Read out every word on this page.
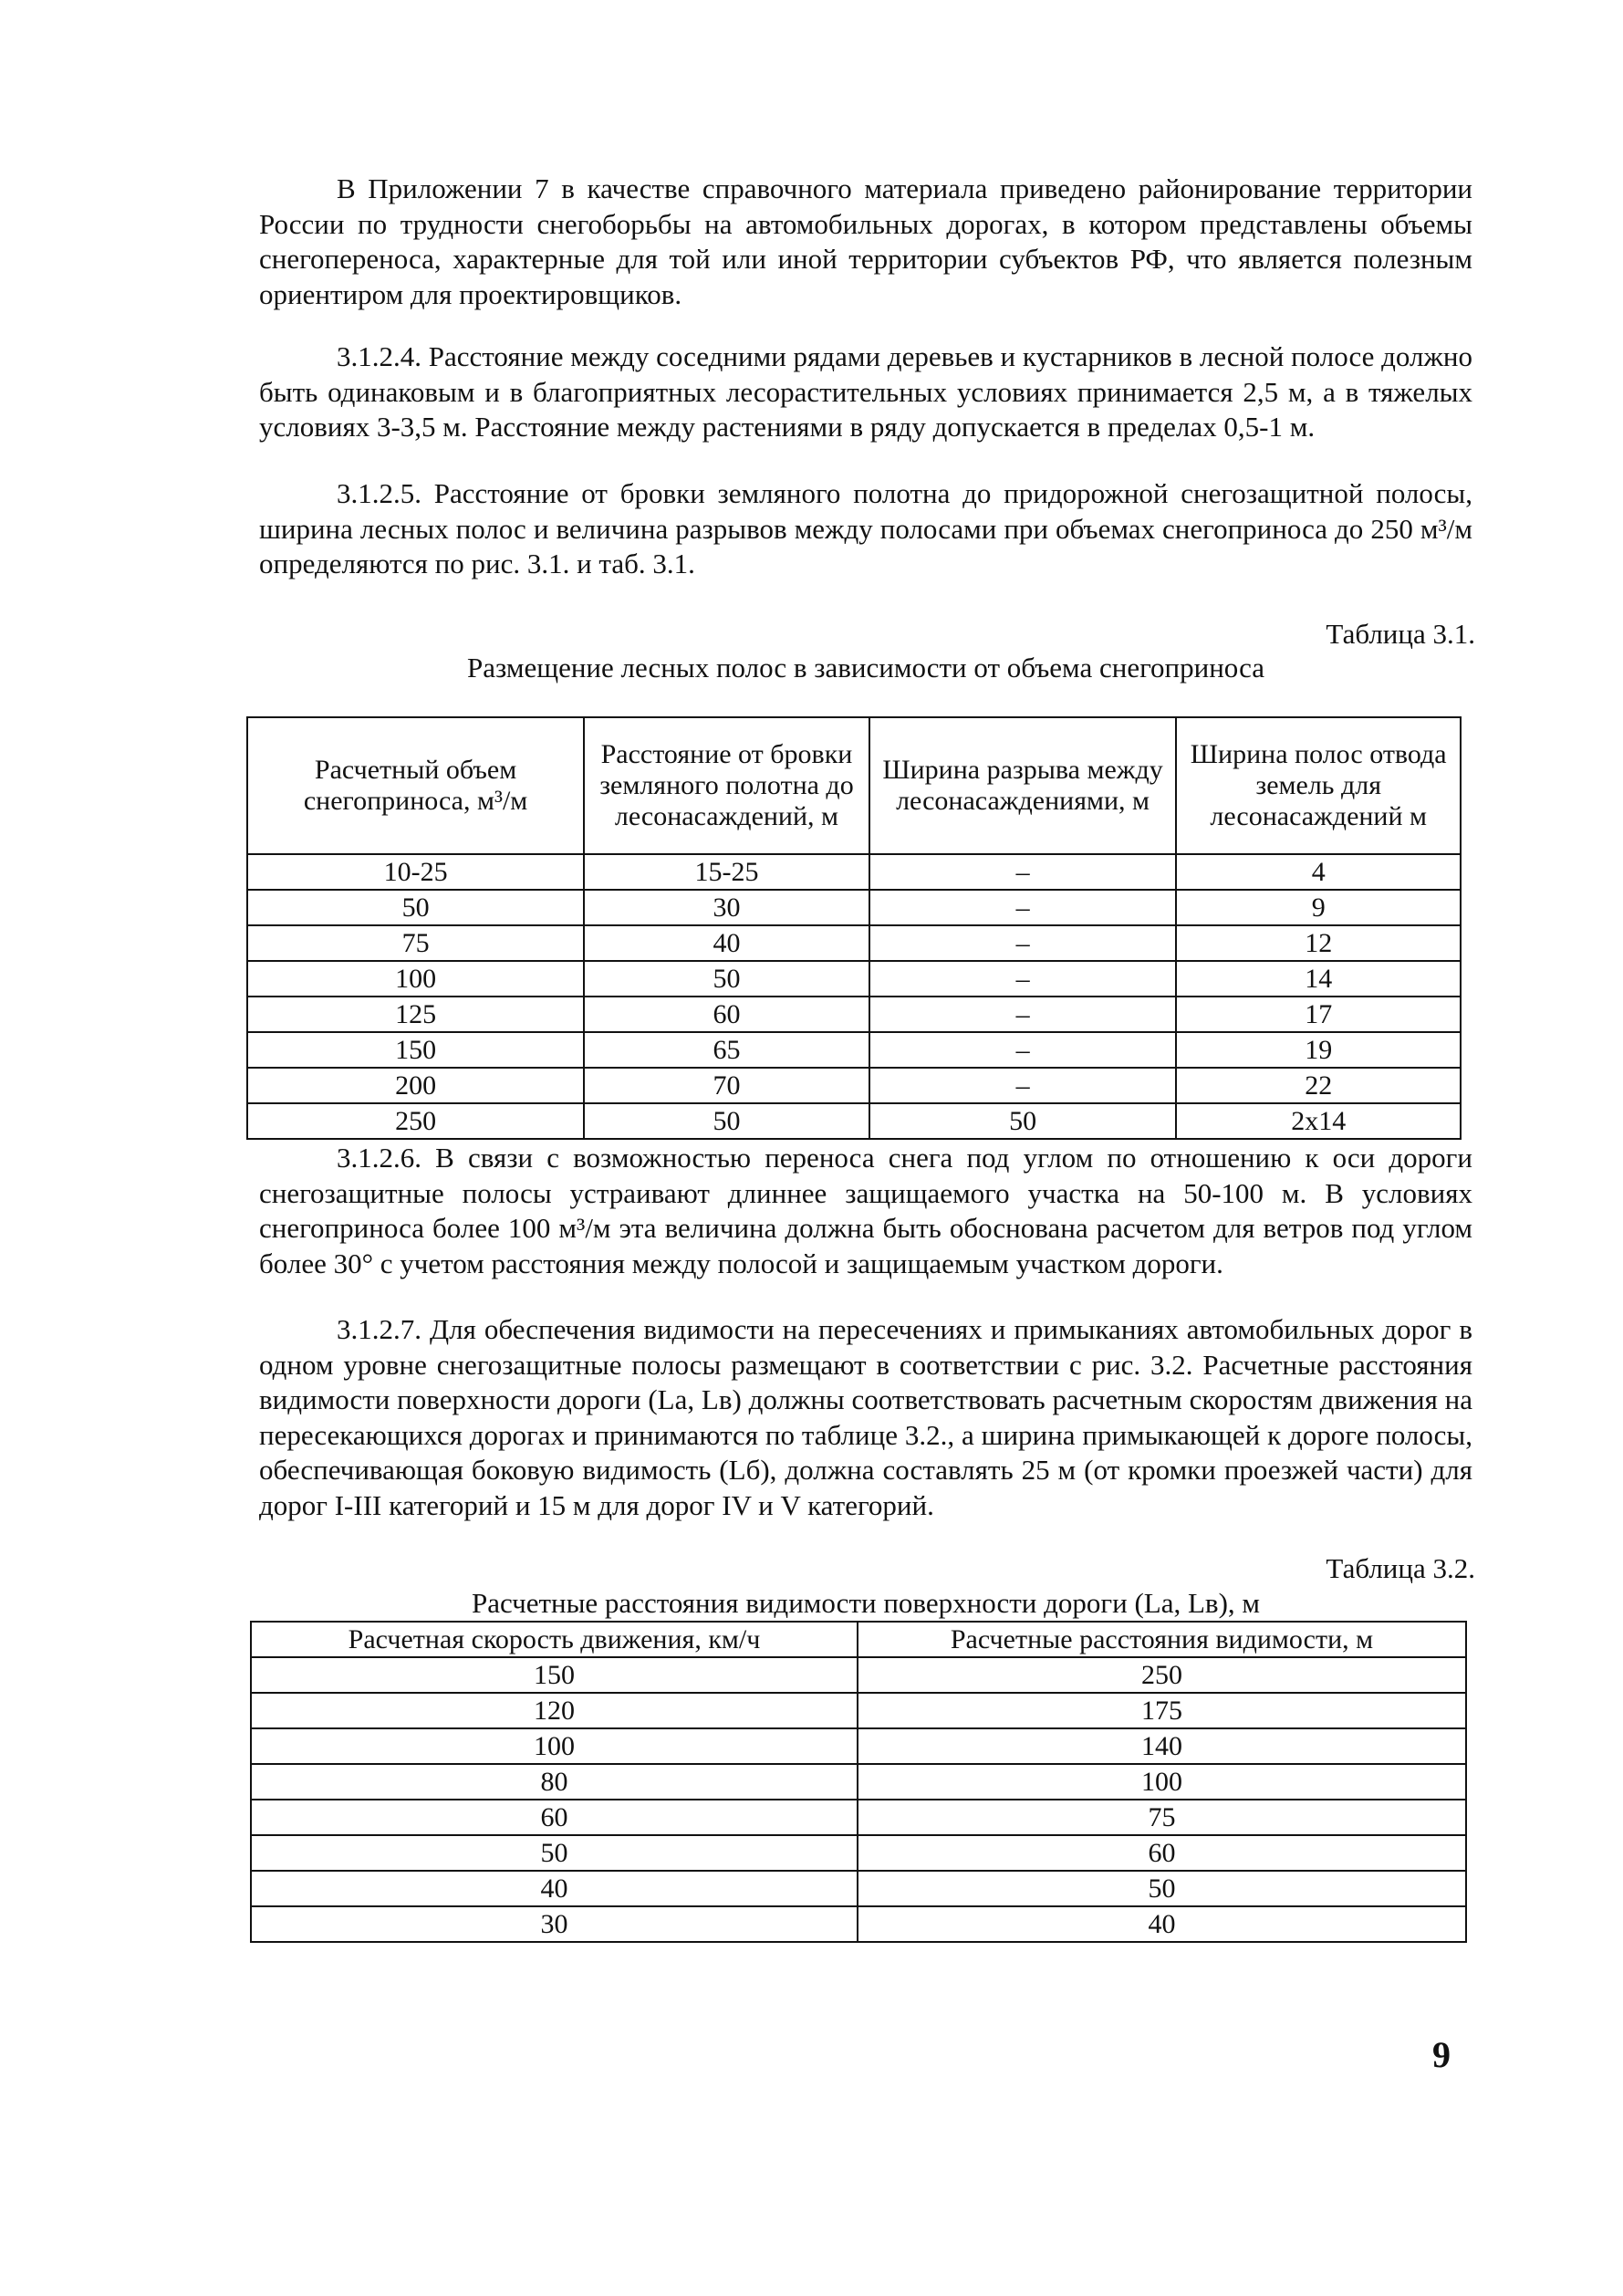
В Приложении 7 в качестве справочного материала приведено районирование территории России по трудности снегоборьбы на автомобильных дорогах, в котором представлены объемы снегопереноса, характерные для той или иной территории субъектов РФ, что является полезным ориентиром для проектировщиков.

3.1.2.4. Расстояние между соседними рядами деревьев и кустарников в лесной полосе должно быть одинаковым и в благоприятных лесорастительных условиях принимается 2,5 м, а в тяжелых условиях 3-3,5 м. Расстояние между растениями в ряду допускается в пределах 0,5-1 м.

3.1.2.5. Расстояние от бровки земляного полотна до придорожной снегозащитной полосы, ширина лесных полос и величина разрывов между полосами при объемах снегоприноса до 250 м³/м определяются по рис. 3.1. и таб. 3.1.

Таблица 3.1.
Размещение лесных полос в зависимости от объема снегоприноса
Расчетный объем снегоприноса, м³/м	Расстояние от бровки земляного полотна до лесонасаждений, м	Ширина разрыва между лесонасаждениями, м	Ширина полос отвода земель для лесонасаждений м
10-25	15-25	–	4
50	30	–	9
75	40	–	12
100	50	–	14
125	60	–	17
150	65	–	19
200	70	–	22
250	50	50	2x14

3.1.2.6. В связи с возможностью переноса снега под углом по отношению к оси дороги снегозащитные полосы устраивают длиннее защищаемого участка на 50-100 м. В условиях снегоприноса более 100 м³/м эта величина должна быть обоснована расчетом для ветров под углом более 30° с учетом расстояния между полосой и защищаемым участком дороги.

3.1.2.7. Для обеспечения видимости на пересечениях и примыканиях автомобильных дорог в одном уровне снегозащитные полосы размещают в соответствии с рис. 3.2. Расчетные расстояния видимости поверхности дороги (Lа, Lв) должны соответствовать расчетным скоростям движения на пересекающихся дорогах и принимаются по таблице 3.2., а ширина примыкающей к дороге полосы, обеспечивающая боковую видимость (Lб), должна составлять 25 м (от кромки проезжей части) для дорог I-III категорий и 15 м для дорог IV и V категорий.

Таблица 3.2.
Расчетные расстояния видимости поверхности дороги (Lа, Lв), м
Расчетная скорость движения, км/ч	Расчетные расстояния видимости, м
150	250
120	175
100	140
80	100
60	75
50	60
40	50
30	40
9
